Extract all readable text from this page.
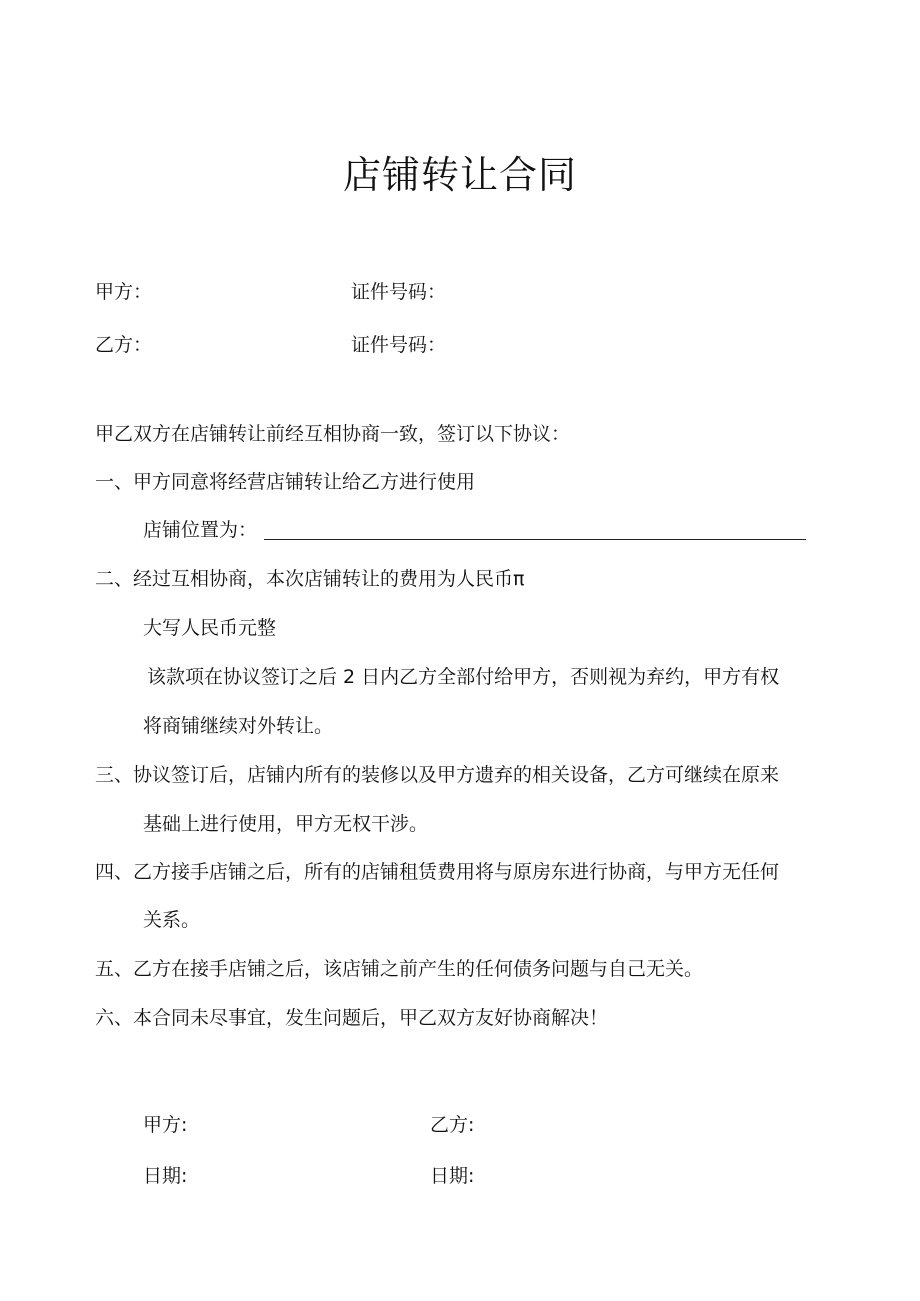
店铺转让合同
甲方：	证件号码：
乙方：	证件号码：
甲乙双方在店铺转让前经互相协商一致，签订以下协议：
一、甲方同意将经营店铺转让给乙方进行使用
店铺位置为：
二、经过互相协商，本次店铺转让的费用为人民币π
大写人民币元整
该款项在协议签订之后 2 日内乙方全部付给甲方，否则视为弃约，甲方有权
将商铺继续对外转让。
三、协议签订后，店铺内所有的装修以及甲方遗弃的相关设备，乙方可继续在原来
基础上进行使用，甲方无权干涉。
四、乙方接手店铺之后，所有的店铺租赁费用将与原房东进行协商，与甲方无任何
关系。
五、乙方在接手店铺之后，该店铺之前产生的任何债务问题与自己无关。
六、本合同未尽事宜，发生问题后，甲乙双方友好协商解决！
甲方:	乙方:
日期:	日期:
